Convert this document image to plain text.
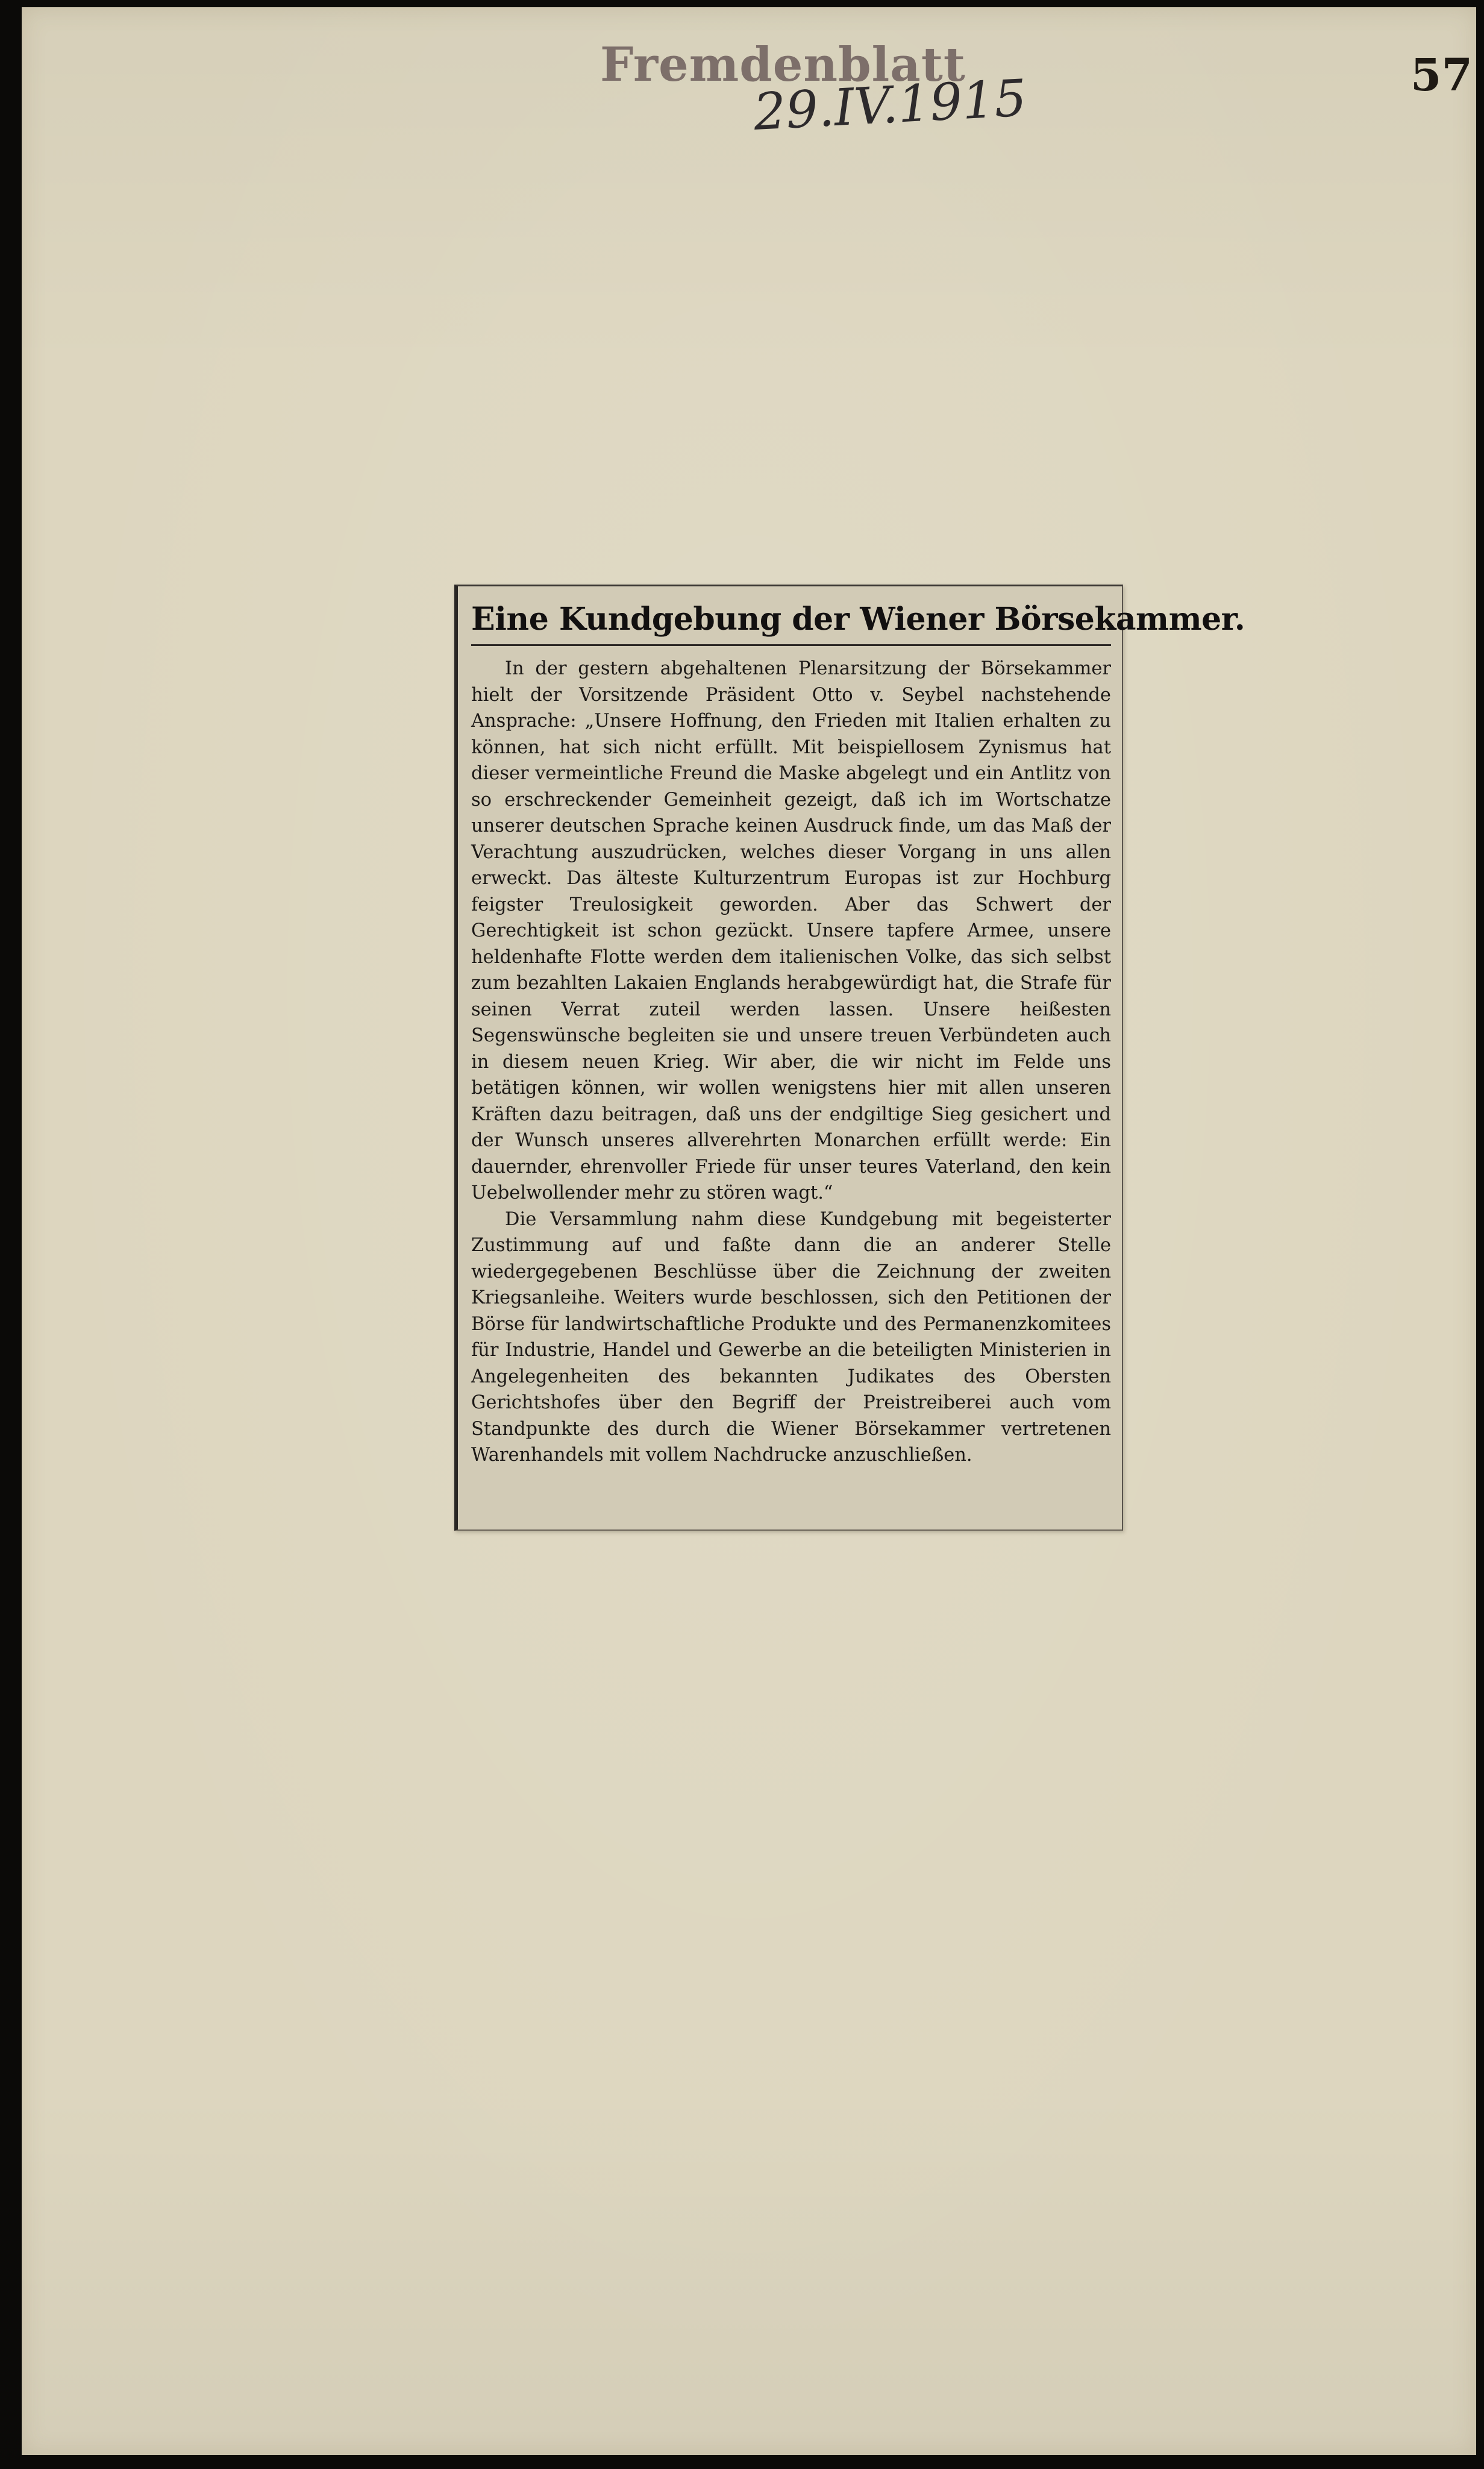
Fremdenblatt
29.IV.1915	57
Eine Kundgebung der Wiener Börsekammer.

In der gestern abgehaltenen Plenarsitzung der Börsekammer hielt der Vorsitzende Präsident Otto v. Seybel nachstehende Ansprache: „Unsere Hoffnung, den Frieden mit Italien erhalten zu können, hat sich nicht erfüllt. Mit beispiellosem Zynismus hat dieser vermeintliche Freund die Maske abgelegt und ein Antlitz von so erschreckender Gemeinheit gezeigt, daß ich im Wortschatze unserer deutschen Sprache keinen Ausdruck finde, um das Maß der Verachtung auszudrücken, welches dieser Vorgang in uns allen erweckt. Das älteste Kulturzentrum Europas ist zur Hochburg feigster Treulosigkeit geworden. Aber das Schwert der Gerechtigkeit ist schon gezückt. Unsere tapfere Armee, unsere heldenhafte Flotte werden dem italienischen Volke, das sich selbst zum bezahlten Lakaien Englands herabgewürdigt hat, die Strafe für seinen Verrat zuteil werden lassen. Unsere heißesten Segenswünsche begleiten sie und unsere treuen Verbündeten auch in diesem neuen Krieg. Wir aber, die wir nicht im Felde uns betätigen können, wir wollen wenigstens hier mit allen unseren Kräften dazu beitragen, daß uns der endgiltige Sieg gesichert und der Wunsch unseres allverehrten Monarchen erfüllt werde: Ein dauernder, ehrenvoller Friede für unser teures Vaterland, den kein Uebelwollender mehr zu stören wagt.“

Die Versammlung nahm diese Kundgebung mit begeisterter Zustimmung auf und faßte dann die an anderer Stelle wiedergegebenen Beschlüsse über die Zeichnung der zweiten Kriegsanleihe. Weiters wurde beschlossen, sich den Petitionen der Börse für landwirtschaftliche Produkte und des Permanenzkomitees für Industrie, Handel und Gewerbe an die beteiligten Ministerien in Angelegenheiten des bekannten Judikates des Obersten Gerichtshofes über den Begriff der Preistreiberei auch vom Standpunkte des durch die Wiener Börsekammer vertretenen Warenhandels mit vollem Nachdrucke anzuschließen.
